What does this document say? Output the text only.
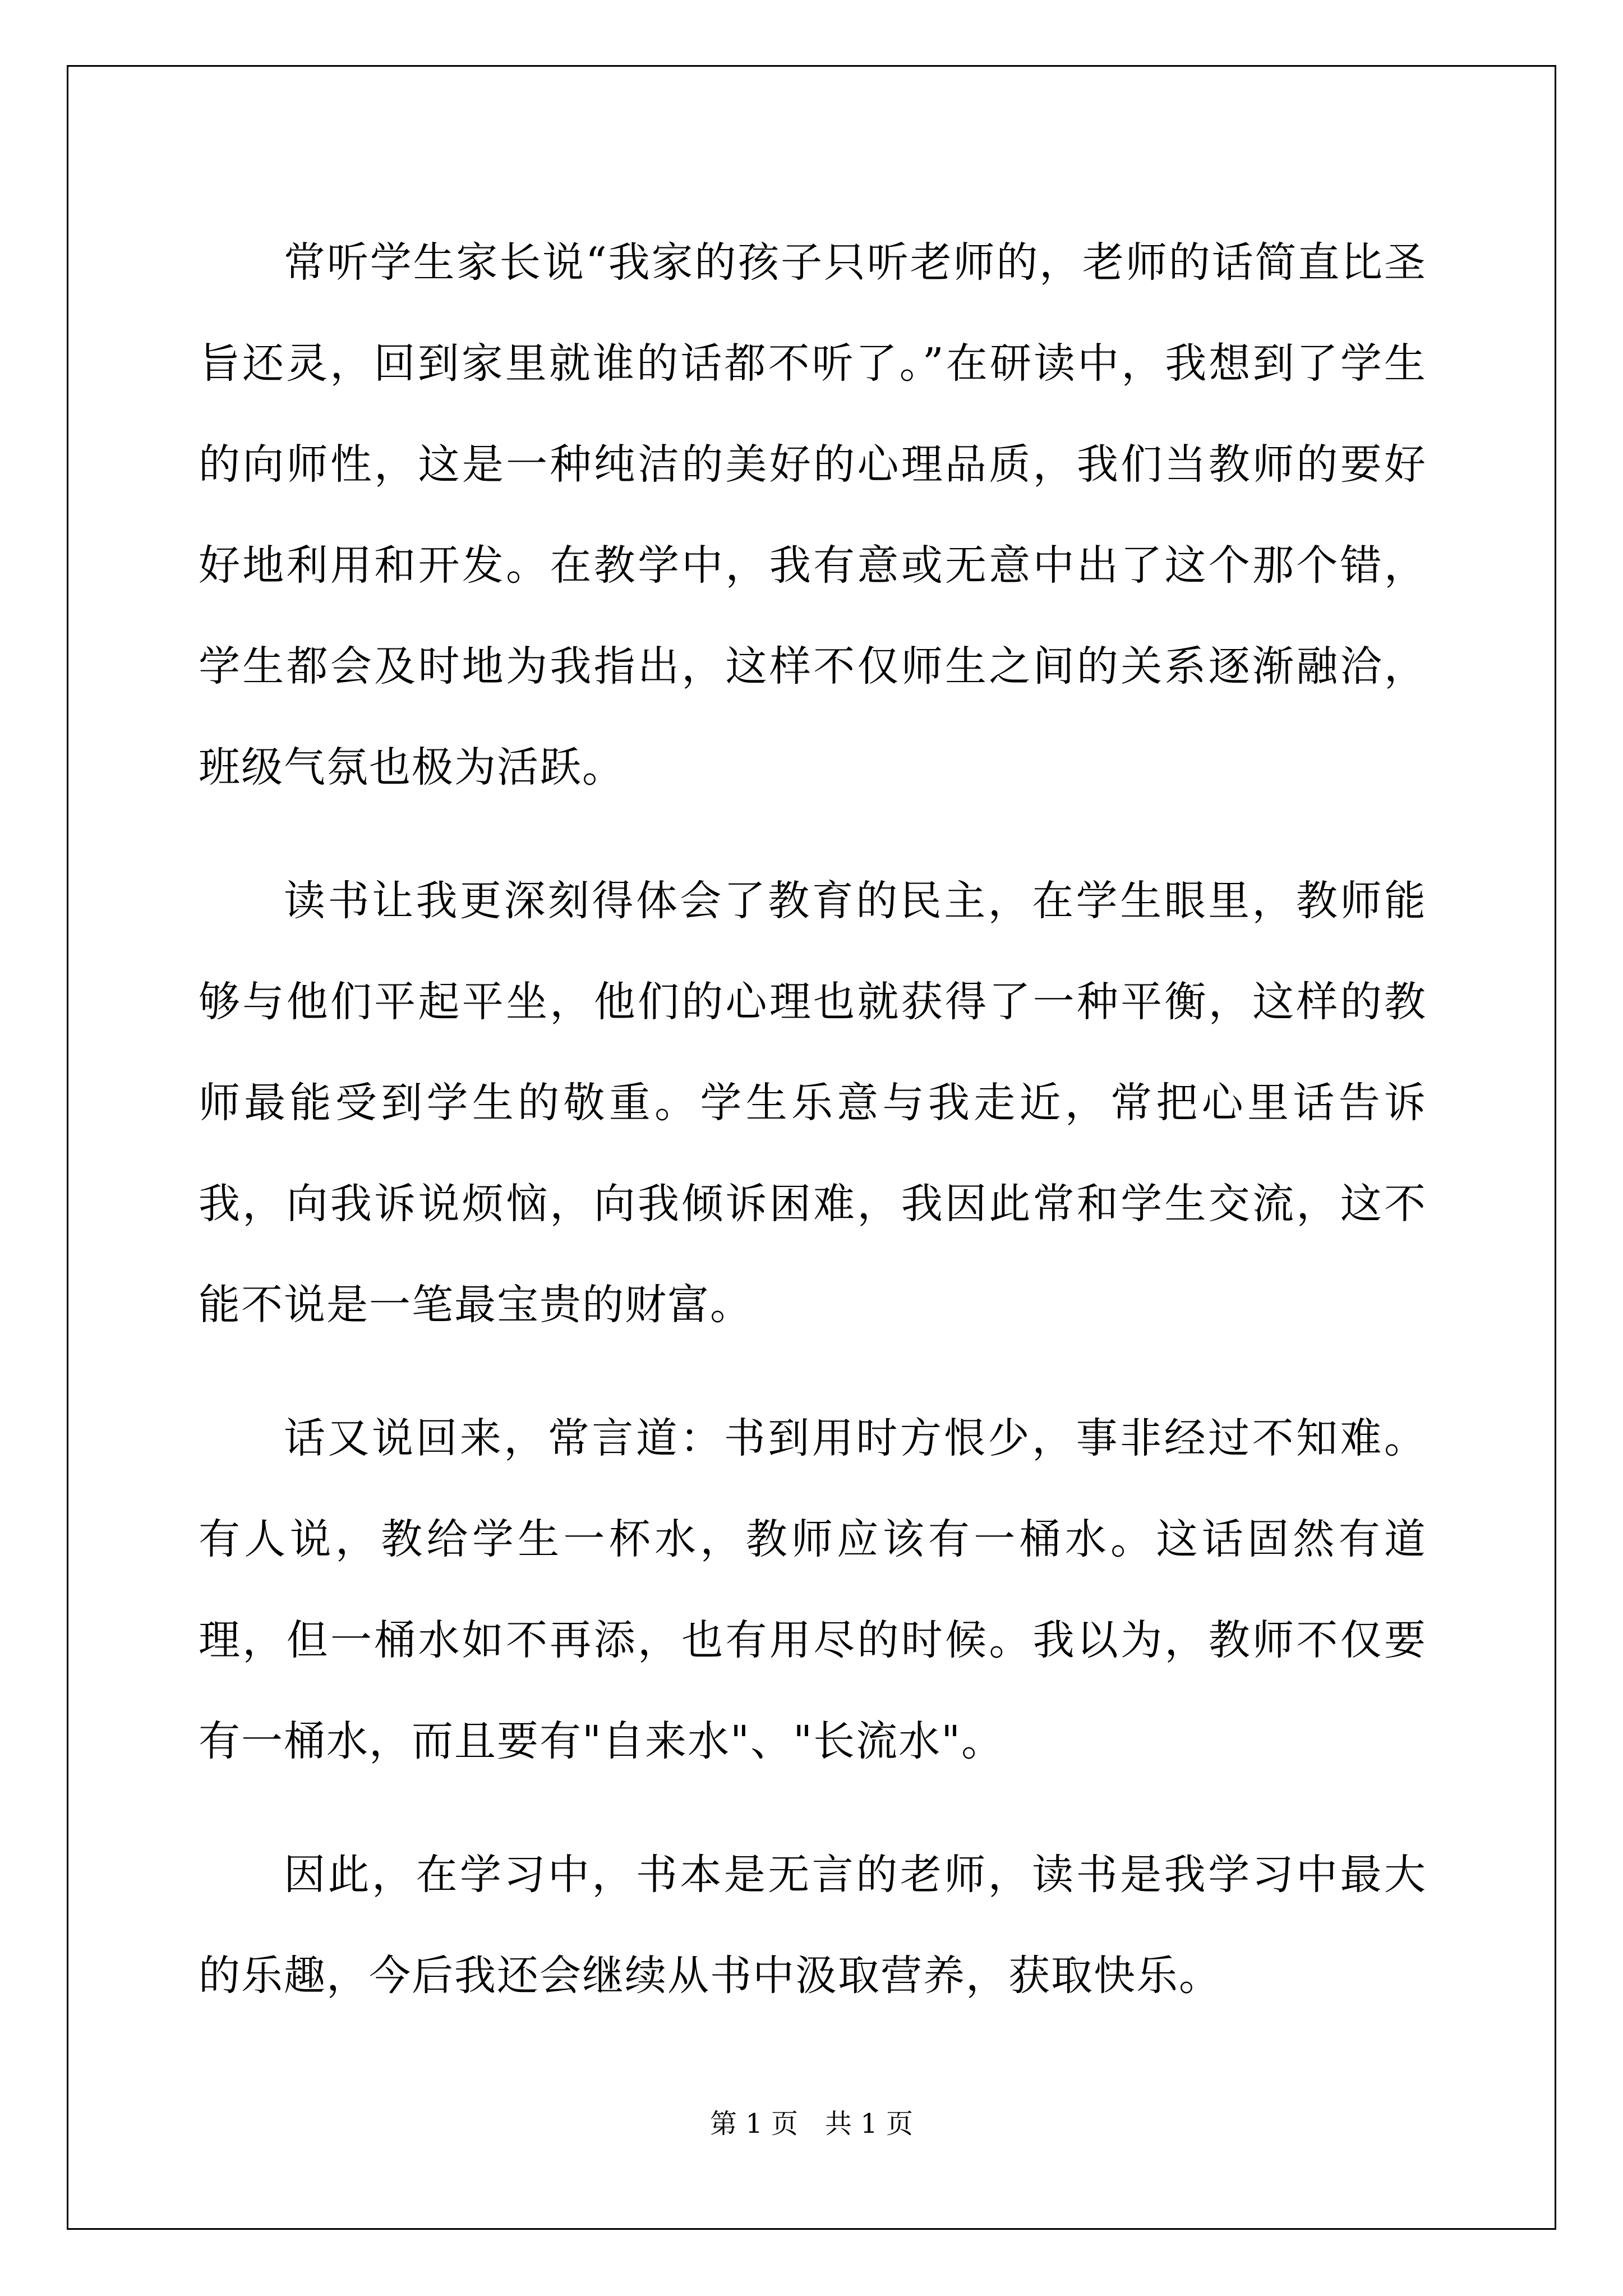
常听学生家长说“我家的孩子只听老师的，老师的话简直比圣旨还灵，回到家里就谁的话都不听了。”在研读中，我想到了学生的向师性，这是一种纯洁的美好的心理品质，我们当教师的要好好地利用和开发。在教学中，我有意或无意中出了这个那个错，学生都会及时地为我指出，这样不仅师生之间的关系逐渐融洽，班级气氛也极为活跃。

读书让我更深刻得体会了教育的民主，在学生眼里，教师能够与他们平起平坐，他们的心理也就获得了一种平衡，这样的教师最能受到学生的敬重。学生乐意与我走近，常把心里话告诉我，向我诉说烦恼，向我倾诉困难，我因此常和学生交流，这不能不说是一笔最宝贵的财富。

话又说回来，常言道：书到用时方恨少，事非经过不知难。有人说，教给学生一杯水，教师应该有一桶水。这话固然有道理，但一桶水如不再添，也有用尽的时候。我以为，教师不仅要有一桶水，而且要有"自来水"、"长流水"。

因此，在学习中，书本是无言的老师，读书是我学习中最大的乐趣，今后我还会继续从书中汲取营养，获取快乐。

第 1 页　共 1 页
